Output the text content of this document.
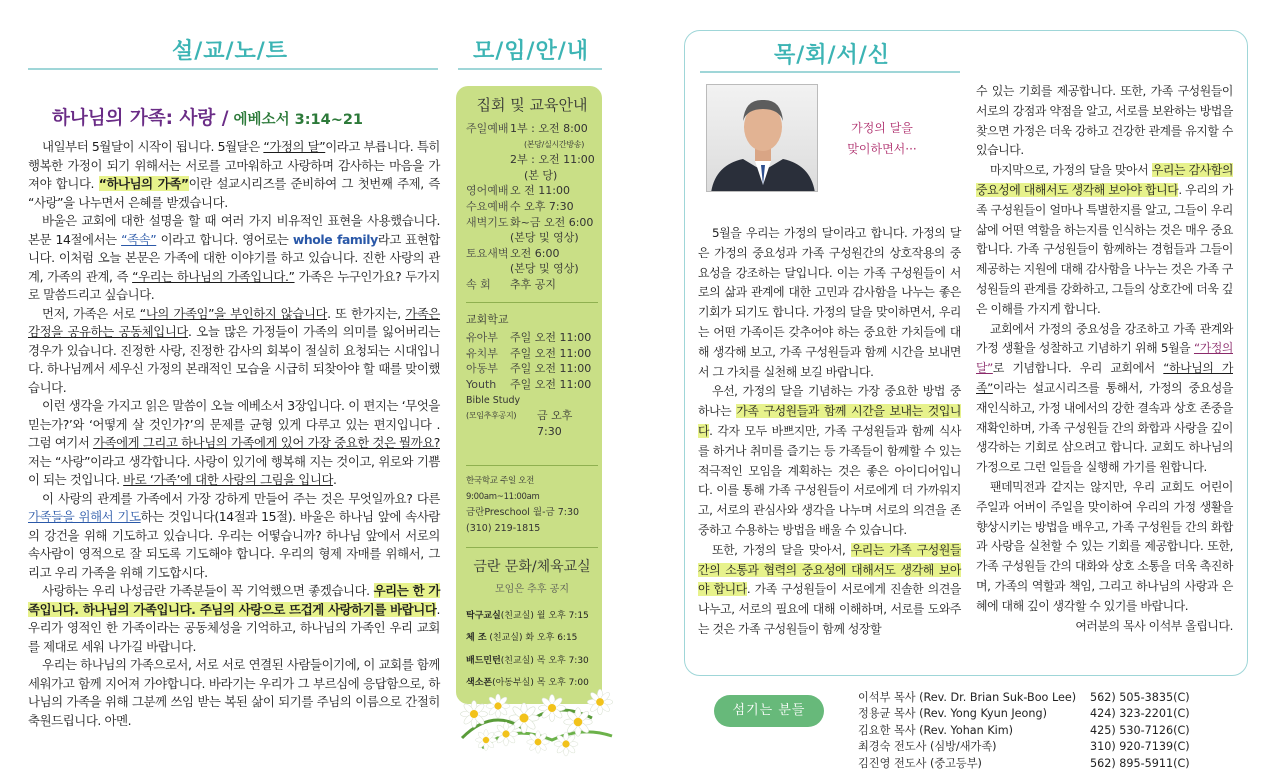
설/교/노/트
하나님의 가족: 사랑 / 에베소서 3:14~21

내일부터 5월달이 시작이 됩니다. 5월달은 “가정의 달”이라고 부릅니다. 특히 행복한 가정이 되기 위해서는 서로를 고마워하고 사랑하며 감사하는 마음을 가져야 합니다. “하나님의 가족”이란 설교시리즈를 준비하여 그 첫번째 주제, 즉 “사랑”을 나누면서 은혜를 받겠습니다.

바울은 교회에 대한 설명을 할 때 여러 가지 비유적인 표현을 사용했습니다. 본문 14절에서는 “족속” 이라고 합니다. 영어로는 whole family라고 표현합니다. 이처럼 오늘 본문은 가족에 대한 이야기를 하고 있습니다. 진한 사랑의 관계, 가족의 관계, 즉 “우리는 하나님의 가족입니다.” 가족은 누구인가요? 두가지로 말씀드리고 싶습니다.

먼저, 가족은 서로 “나의 가족임”을 부인하지 않습니다. 또 한가지는, 가족은 감정을 공유하는 공동체입니다. 오늘 많은 가정들이 가족의 의미를 잃어버리는 경우가 있습니다. 진정한 사랑, 진정한 감사의 회복이 절실히 요청되는 시대입니다. 하나님께서 세우신 가정의 본래적인 모습을 시급히 되찾아야 할 때를 맞이했습니다.

이런 생각을 가지고 읽은 말씀이 오늘 에베소서 3장입니다. 이 편지는 ‘무엇을 믿는가?’와 ‘어떻게 살 것인가?’의 문제를 균형 있게 다루고 있는 편지입니다 . 그럼 여기서 가족에게 그리고 하나님의 가족에게 있어 가장 중요한 것은 뭘까요? 저는 “사랑”이라고 생각합니다. 사랑이 있기에 행복해 지는 것이고, 위로와 기쁨이 되는 것입니다. 바로 ‘가족’에 대한 사랑의 그림을 입니다.

이 사랑의 관계를 가족에서 가장 강하게 만들어 주는 것은 무엇일까요? 다른 가족들을 위해서 기도하는 것입니다(14절과 15절). 바울은 하나님 앞에 속사람의 강건을 위해 기도하고 있습니다. 우리는 어떻습니까? 하나님 앞에서 서로의 속사람이 영적으로 잘 되도록 기도해야 합니다. 우리의 형제 자매를 위해서, 그리고 우리 가족을 위해 기도합시다.

사랑하는 우리 나성금란 가족분들이 꼭 기억했으면 좋겠습니다. 우리는 한 가족입니다. 하나님의 가족입니다. 주님의 사랑으로 뜨겁게 사랑하기를 바랍니다. 우리가 영적인 한 가족이라는 공동체성을 기억하고, 하나님의 가족인 우리 교회를 제대로 세워 나가길 바랍니다.

우리는 하나님의 가족으로서, 서로 서로 연결된 사람들이기에, 이 교회를 함께 세워가고 함께 지어져 가야합니다. 바라기는 우리가 그 부르심에 응답함으로, 하나님의 가족을 위해 그분께 쓰임 받는 복된 삶이 되기를 주님의 이름으로 간절히 축원드립니다. 아멘.

모/임/안/내
집회 및 교육안내
주일예배 1부 : 오전 8:00
(본당/실시간방송)
2부 : 오전 11:00
(본 당)
영어예배 오 전 11:00
수요예배 수 오후 7:30
새벽기도 화~금 오전 6:00
(본당 및 영상)
토요새벽 오전 6:00
(본당 및 영상)
속 회	추후 공지
교회학교
유아부	주일 오전 11:00
유치부	주일 오전 11:00
아동부	주일 오전 11:00
Youth	주일 오전 11:00
Bible Study
(모임추후공지)	금 오후 7:30
한국학교 주일 오전 9:00am~11:00am
금란Preschool 월-금 7:30
(310) 219-1815
금란 문화/체육교실
모임은 추후 공지
탁구교실(친교실) 월 오후 7:15
체 조 (친교실) 화 오후 6:15
배드민턴(친교실) 목 오후 7:30
색소폰(아동부실) 목 오후 7:00
목/회/서/신
가정의 달을
맞이하면서···

5월을 우리는 가정의 달이라고 합니다. 가정의 달은 가정의 중요성과 가족 구성원간의 상호작용의 중요성을 강조하는 달입니다. 이는 가족 구성원들이 서로의 삶과 관계에 대한 고민과 감사함을 나누는 좋은 기회가 되기도 합니다. 가정의 달을 맞이하면서, 우리는 어떤 가족이든 갖추어야 하는 중요한 가치들에 대해 생각해 보고, 가족 구성원들과 함께 시간을 보내면서 그 가치를 실천해 보길 바랍니다.

우선, 가정의 달을 기념하는 가장 중요한 방법 중 하나는 가족 구성원들과 함께 시간을 보내는 것입니다. 각자 모두 바쁘지만, 가족 구성원들과 함께 식사를 하거나 취미를 즐기는 등 가족들이 함께할 수 있는 적극적인 모임을 계획하는 것은 좋은 아이디어입니다. 이를 통해 가족 구성원들이 서로에게 더 가까워지고, 서로의 관심사와 생각을 나누며 서로의 의견을 존중하고 수용하는 방법을 배울 수 있습니다.

또한, 가정의 달을 맞아서, 우리는 가족 구성원들 간의 소통과 협력의 중요성에 대해서도 생각해 보아야 합니다. 가족 구성원들이 서로에게 진솔한 의견을 나누고, 서로의 필요에 대해 이해하며, 서로를 도와주는 것은 가족 구성원들이 함께 성장할

수 있는 기회를 제공합니다. 또한, 가족 구성원들이 서로의 강점과 약점을 알고, 서로를 보완하는 방법을 찾으면 가정은 더욱 강하고 건강한 관계를 유지할 수 있습니다.

마지막으로, 가정의 달을 맞아서 우리는 감사함의 중요성에 대해서도 생각해 보아야 합니다. 우리의 가족 구성원들이 얼마나 특별한지를 알고, 그들이 우리 삶에 어떤 역할을 하는지를 인식하는 것은 매우 중요합니다. 가족 구성원들이 함께하는 경험들과 그들이 제공하는 지원에 대해 감사함을 나누는 것은 가족 구성원들의 관계를 강화하고, 그들의 상호간에 더욱 깊은 이해를 가지게 합니다.

교회에서 가정의 중요성을 강조하고 가족 관계와 가정 생활을 성찰하고 기념하기 위해 5월을 “가정의 달”로 기념합니다. 우리 교회에서 “하나님의 가족”이라는 설교시리즈를 통해서, 가정의 중요성을 재인식하고, 가정 내에서의 강한 결속과 상호 존중을 재확인하며, 가족 구성원들 간의 화합과 사랑을 깊이 생각하는 기회로 삼으려고 합니다. 교회도 하나님의 가정으로 그런 일들을 실행해 가기를 원합니다.

팬데믹전과 같지는 않지만, 우리 교회도 어린이 주일과 어버이 주일을 맞이하여 우리의 가정 생활을 향상시키는 방법을 배우고, 가족 구성원들 간의 화합과 사랑을 실천할 수 있는 기회를 제공합니다. 또한, 가족 구성원들 간의 대화와 상호 소통을 더욱 촉진하며, 가족의 역할과 책임, 그리고 하나님의 사랑과 은혜에 대해 깊이 생각할 수 있기를 바랍니다.

여러분의 목사 이석부 올립니다.

섬기는 분들
이석부 목사 (Rev. Dr. Brian Suk-Boo Lee)	562) 505-3835(C)
정용균 목사 (Rev. Yong Kyun Jeong)	424) 323-2201(C)
김요한 목사 (Rev. Yohan Kim)	425) 530-7126(C)
최경숙 전도사 (심방/새가족)	310) 920-7139(C)
김진영 전도사 (중고등부)	562) 895-5911(C)
